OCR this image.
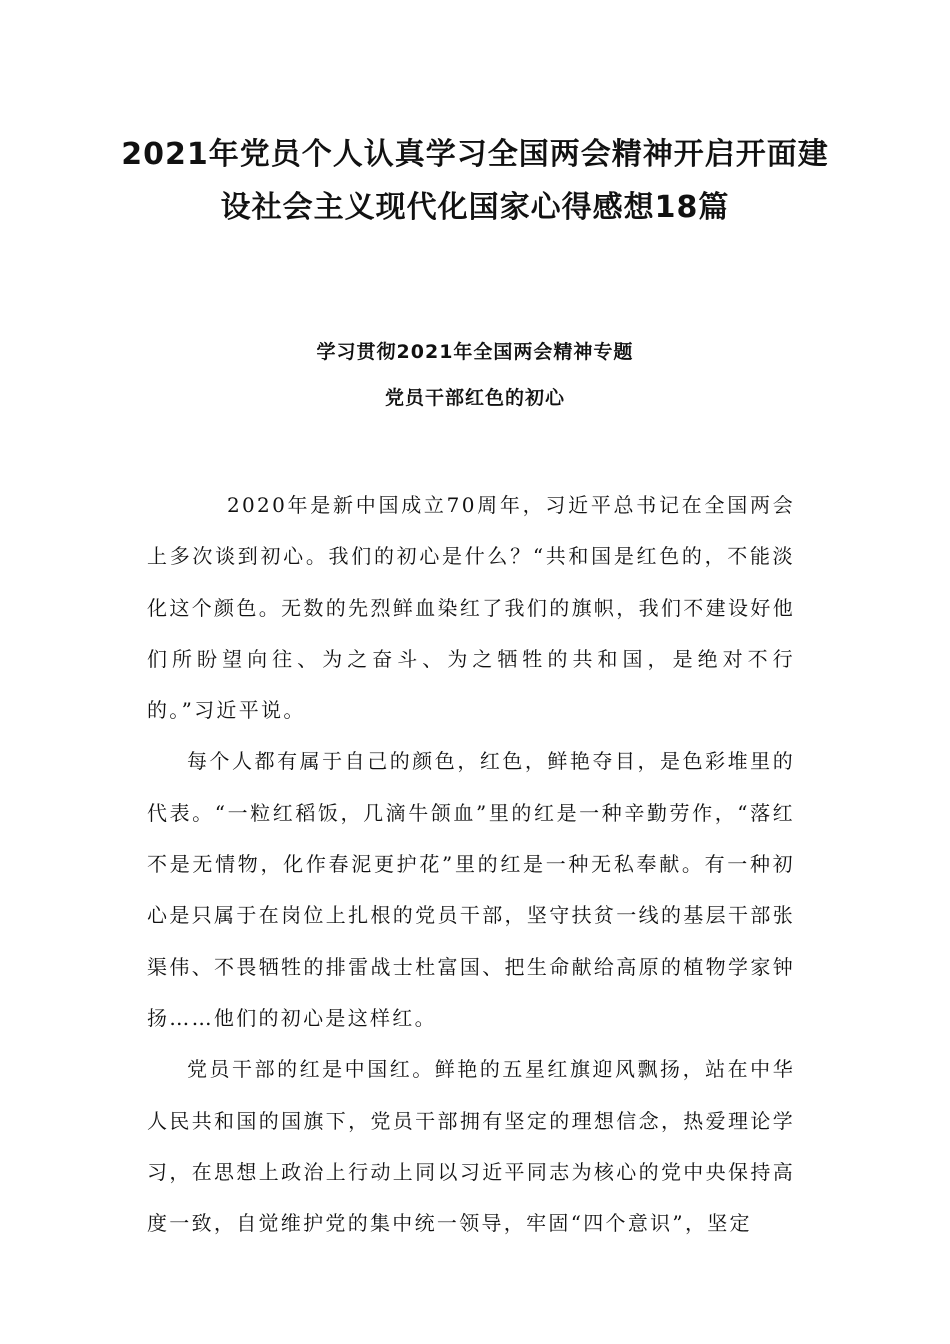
2021年党员个人认真学习全国两会精神开启开面建
设社会主义现代化国家心得感想18篇
学习贯彻2021年全国两会精神专题
党员干部红色的初心

2020年是新中国成立70周年，习近平总书记在全国两会上多次谈到初心。我们的初心是什么？“共和国是红色的，不能淡化这个颜色。无数的先烈鲜血染红了我们的旗帜，我们不建设好他们所盼望向往、为之奋斗、为之牺牲的共和国，是绝对不行的。”习近平说。

每个人都有属于自己的颜色，红色，鲜艳夺目，是色彩堆里的代表。“一粒红稻饭，几滴牛颌血”里的红是一种辛勤劳作，“落红不是无情物，化作春泥更护花”里的红是一种无私奉献。有一种初心是只属于在岗位上扎根的党员干部，坚守扶贫一线的基层干部张渠伟、不畏牺牲的排雷战士杜富国、把生命献给高原的植物学家钟扬……他们的初心是这样红。

党员干部的红是中国红。鲜艳的五星红旗迎风飘扬，站在中华人民共和国的国旗下，党员干部拥有坚定的理想信念，热爱理论学习，在思想上政治上行动上同以习近平同志为核心的党中央保持高度一致，自觉维护党的集中统一领导，牢固“四个意识”，坚定
